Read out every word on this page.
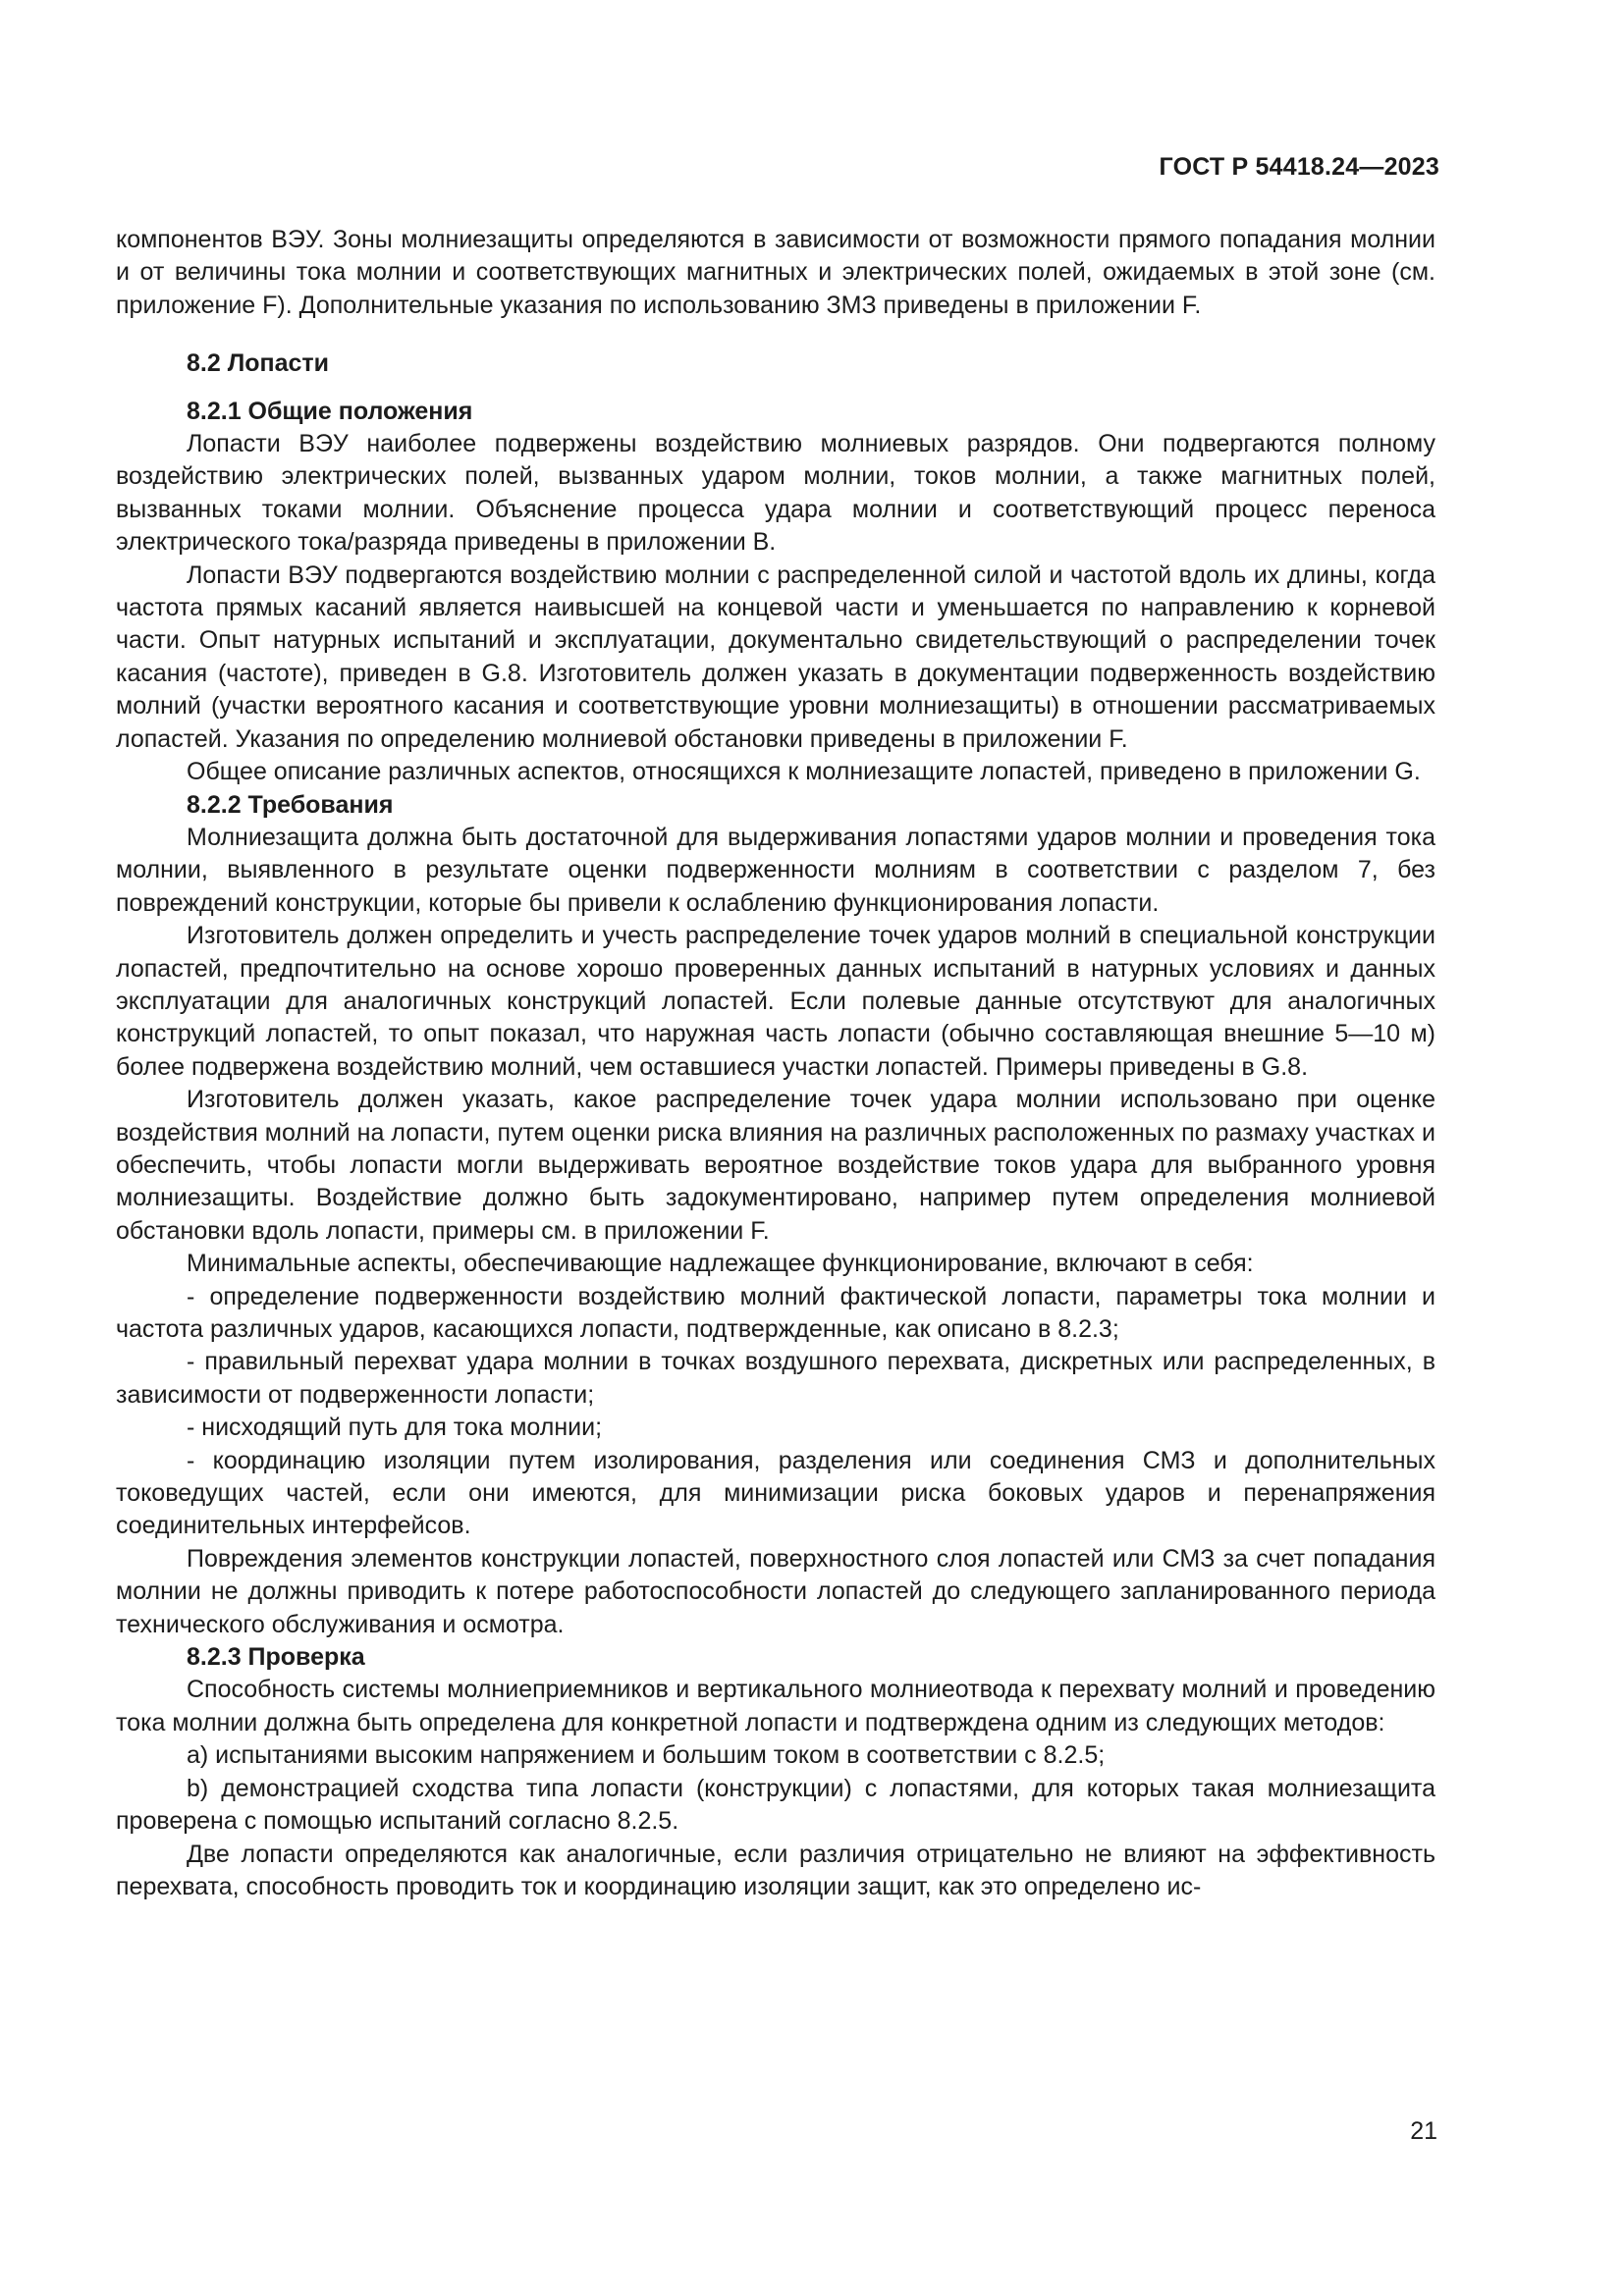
ГОСТ Р 54418.24—2023

компонентов ВЭУ. Зоны молниезащиты определяются в зависимости от возможности прямого попадания молнии и от величины тока молнии и соответствующих магнитных и электрических полей, ожидаемых в этой зоне (см. приложение F). Дополнительные указания по использованию ЗМЗ приведены в приложении F.

8.2 Лопасти
8.2.1 Общие положения

Лопасти ВЭУ наиболее подвержены воздействию молниевых разрядов. Они подвергаются полному воздействию электрических полей, вызванных ударом молнии, токов молнии, а также магнитных полей, вызванных токами молнии. Объяснение процесса удара молнии и соответствующий процесс переноса электрического тока/разряда приведены в приложении B.

Лопасти ВЭУ подвергаются воздействию молнии с распределенной силой и частотой вдоль их длины, когда частота прямых касаний является наивысшей на концевой части и уменьшается по направлению к корневой части. Опыт натурных испытаний и эксплуатации, документально свидетельствующий о распределении точек касания (частоте), приведен в G.8. Изготовитель должен указать в документации подверженность воздействию молний (участки вероятного касания и соответствующие уровни молниезащиты) в отношении рассматриваемых лопастей. Указания по определению молниевой обстановки приведены в приложении F.

Общее описание различных аспектов, относящихся к молниезащите лопастей, приведено в приложении G.

8.2.2 Требования

Молниезащита должна быть достаточной для выдерживания лопастями ударов молнии и проведения тока молнии, выявленного в результате оценки подверженности молниям в соответствии с разделом 7, без повреждений конструкции, которые бы привели к ослаблению функционирования лопасти.

Изготовитель должен определить и учесть распределение точек ударов молний в специальной конструкции лопастей, предпочтительно на основе хорошо проверенных данных испытаний в натурных условиях и данных эксплуатации для аналогичных конструкций лопастей. Если полевые данные отсутствуют для аналогичных конструкций лопастей, то опыт показал, что наружная часть лопасти (обычно составляющая внешние 5—10 м) более подвержена воздействию молний, чем оставшиеся участки лопастей. Примеры приведены в G.8.

Изготовитель должен указать, какое распределение точек удара молнии использовано при оценке воздействия молний на лопасти, путем оценки риска влияния на различных расположенных по размаху участках и обеспечить, чтобы лопасти могли выдерживать вероятное воздействие токов удара для выбранного уровня молниезащиты. Воздействие должно быть задокументировано, например путем определения молниевой обстановки вдоль лопасти, примеры см. в приложении F.

Минимальные аспекты, обеспечивающие надлежащее функционирование, включают в себя:

- определение подверженности воздействию молний фактической лопасти, параметры тока молнии и частота различных ударов, касающихся лопасти, подтвержденные, как описано в 8.2.3;

- правильный перехват удара молнии в точках воздушного перехвата, дискретных или распределенных, в зависимости от подверженности лопасти;

- нисходящий путь для тока молнии;

- координацию изоляции путем изолирования, разделения или соединения СМЗ и дополнительных токоведущих частей, если они имеются, для минимизации риска боковых ударов и перенапряжения соединительных интерфейсов.

Повреждения элементов конструкции лопастей, поверхностного слоя лопастей или СМЗ за счет попадания молнии не должны приводить к потере работоспособности лопастей до следующего запланированного периода технического обслуживания и осмотра.

8.2.3 Проверка

Способность системы молниеприемников и вертикального молниеотвода к перехвату молний и проведению тока молнии должна быть определена для конкретной лопасти и подтверждена одним из следующих методов:

a) испытаниями высоким напряжением и большим током в соответствии с 8.2.5;

b) демонстрацией сходства типа лопасти (конструкции) с лопастями, для которых такая молниезащита проверена с помощью испытаний согласно 8.2.5.

Две лопасти определяются как аналогичные, если различия отрицательно не влияют на эффективность перехвата, способность проводить ток и координацию изоляции защит, как это определено ис-

21
